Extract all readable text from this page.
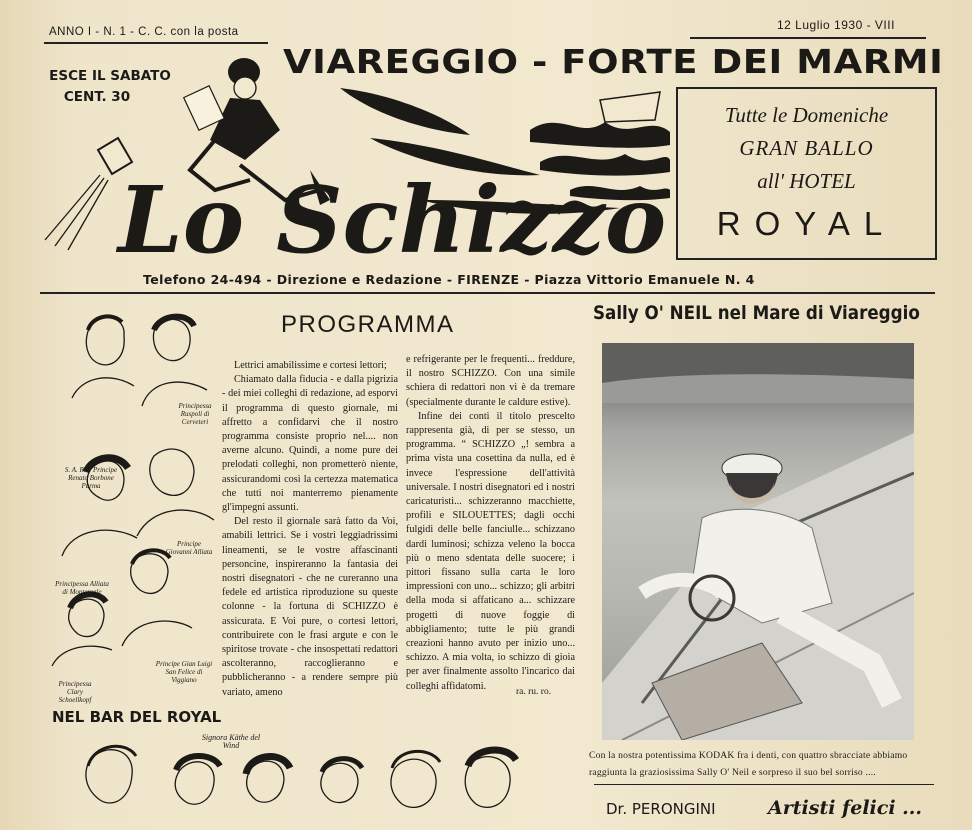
ANNO I - N. 1 - C. C. con la posta	12 Luglio 1930 - VIII
VIAREGGIO - FORTE DEI MARMI
ESCE IL SABATO
CENT. 30
Lo Schizzo
Tutte le Domeniche
GRAN BALLO
all' HOTEL
ROYAL
Telefono 24-494 - Direzione e Redazione - FIRENZE - Piazza Vittorio Emanuele N. 4
Principessa Ruspoli di Cerveteri
S. A. R. il Principe Renato Borbone Parma
Principe Giovanni Alliata
Principessa Alliata di Montereale
Principe Gian Luigi San Felice di Viggiano
Principessa Clary Schoellkopf
NEL BAR DEL ROYAL
PROGRAMMA

Lettrici amabilissime e cortesi lettori;

Chiamato dalla fiducia - e dalla pigrizia - dei miei colleghi di redazione, ad esporvi il programma di questo giornale, mi affretto a confidarvi che il nostro programma consiste proprio nel.... non averne alcuno. Quindi, a nome pure dei prelodati colleghi, non prometterò niente, assicurandomi così la certezza matematica che tutti noi manterremo pienamente gl'impegni assunti.

Del resto il giornale sarà fatto da Voi, amabili lettrici. Se i vostri leggiadrissimi lineamenti, se le vostre affascinanti personcine, inspireranno la fantasia dei nostri disegnatori - che ne cureranno una fedele ed artistica riproduzione su queste colonne - la fortuna di SCHIZZO è assicurata. E Voi pure, o cortesi lettori, contribuirete con le frasi argute e con le spiritose trovate - che insospettati redattori ascolteranno, raccoglieranno e pubblicheranno - a rendere sempre più variato, ameno

e refrigerante per le frequenti... freddure, il nostro SCHIZZO. Con una simile schiera di redattori non vi è da tremare (specialmente durante le caldure estive).

Infine dei conti il titolo prescelto rappresenta già, di per se stesso, un programma. “ SCHIZZO „! sembra a prima vista una cosettina da nulla, ed è invece l'espressione dell'attività universale. I nostri disegnatori ed i nostri caricaturisti... schizzeranno macchiette, profili e SILOUETTES; dagli occhi fulgidi delle belle fanciulle... schizzano dardi luminosi; schizza veleno la bocca più o meno sdentata delle suocere; i pittori fissano sulla carta le loro impressioni con uno... schizzo; gli arbitri della moda si affaticano a... schizzare progetti di nuove foggie di abbigliamento; tutte le più grandi creazioni hanno avuto per inizio uno... schizzo. A mia volta, io schizzo di gioia per aver finalmente assolto l'incarico dai colleghi affidatomi.

ra. ru. ro.
Sally O' NEIL nel Mare di Viareggio
Con la nostra potentissima KODAK fra i denti, con quattro sbracciate abbiamo raggiunta la graziosissima Sally O' Neil e sorpreso il suo bel sorriso ....
Dr. PERONGINI	Artisti felici ...
Signora Käthe del Wind
